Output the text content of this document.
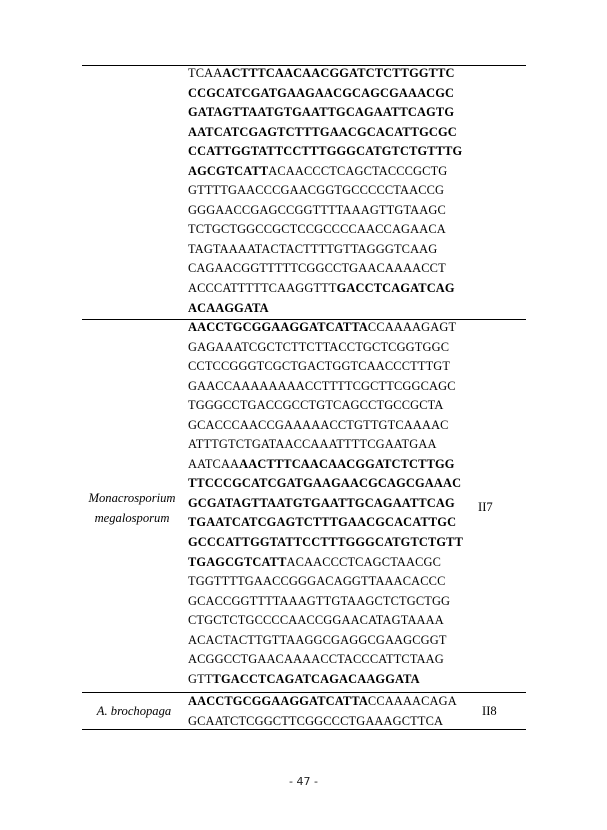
TCAAACTTTCAACAACGGATCTCTTGGTTC
CCGCATCGATGAAGAACGCAGCGAAACGC
GATAGTTAATGTGAATTGCAGAATTCAGTG
AATCATCGAGTCTTTGAACGCACATTGCGC
CCATTGGTATTCCTTTGGGCATGTCTGTTTG
AGCGTCATTACAACCCTCAGCTACCCGCTG
GTTTTGAACCCGAACGGTGCCCCCTAACCG
GGGAACCGAGCCGGTTTTAAAGTTGTAAGC
TCTGCTGGCCGCTCCGCCCCAACCAGAACA
TAGTAAAATACTACTTTTGTTAGGGTCAAG
CAGAACGGTTTTTCGGCCTGAACAAAACCT
ACCCATTTTTCAAGGTTTGACCTCAGATCAG
ACAAGGATA
Monacrosporium
megalosporum
AACCTGCGGAAGGATCATTACCAAAAGAGT
GAGAAATCGCTCTTCTTACCTGCTCGGTGGC
CCTCCGGGTCGCTGACTGGTCAACCCTTTGT
GAACCAAAAAAAACCTTTTCGCTTCGGCAGC
TGGGCCTGACCGCCTGTCAGCCTGCCGCTA
GCACCCAACCGAAAAACCTGTTGTCAAAAC
ATTTGTCTGATAACCAAATTTTCGAATGAA
AATCAAAACTTTCAACAACGGATCTCTTGG
TTCCCGCATCGATGAAGAACGCAGCGAAAC
GCGATAGTTAATGTGAATTGCAGAATTCAG
TGAATCATCGAGTCTTTGAACGCACATTGC
GCCCATTGGTATTCCTTTGGGCATGTCTGTT
TGAGCGTCATTACAACCCTCAGCTAACGC
TGGTTTTGAACCGGGACAGGTTAAACACCC
GCACCGGTTTTAAAGTTGTAAGCTCTGCTGG
CTGCTCTGCCCCAACCGGAACATAGTAAAA
ACACTACTTGTTAAGGCGAGGCGAAGCGGT
ACGGCCTGAACAAAACCTACCCATTCTAAG
GTTTGACCTCAGATCAGACAAGGATA
II7
A. brochopaga
AACCTGCGGAAGGATCATTACCAAAACAGA
GCAATCTCGGCTTCGGCCCTGAAAGCTTCA
II8
- 47 -
